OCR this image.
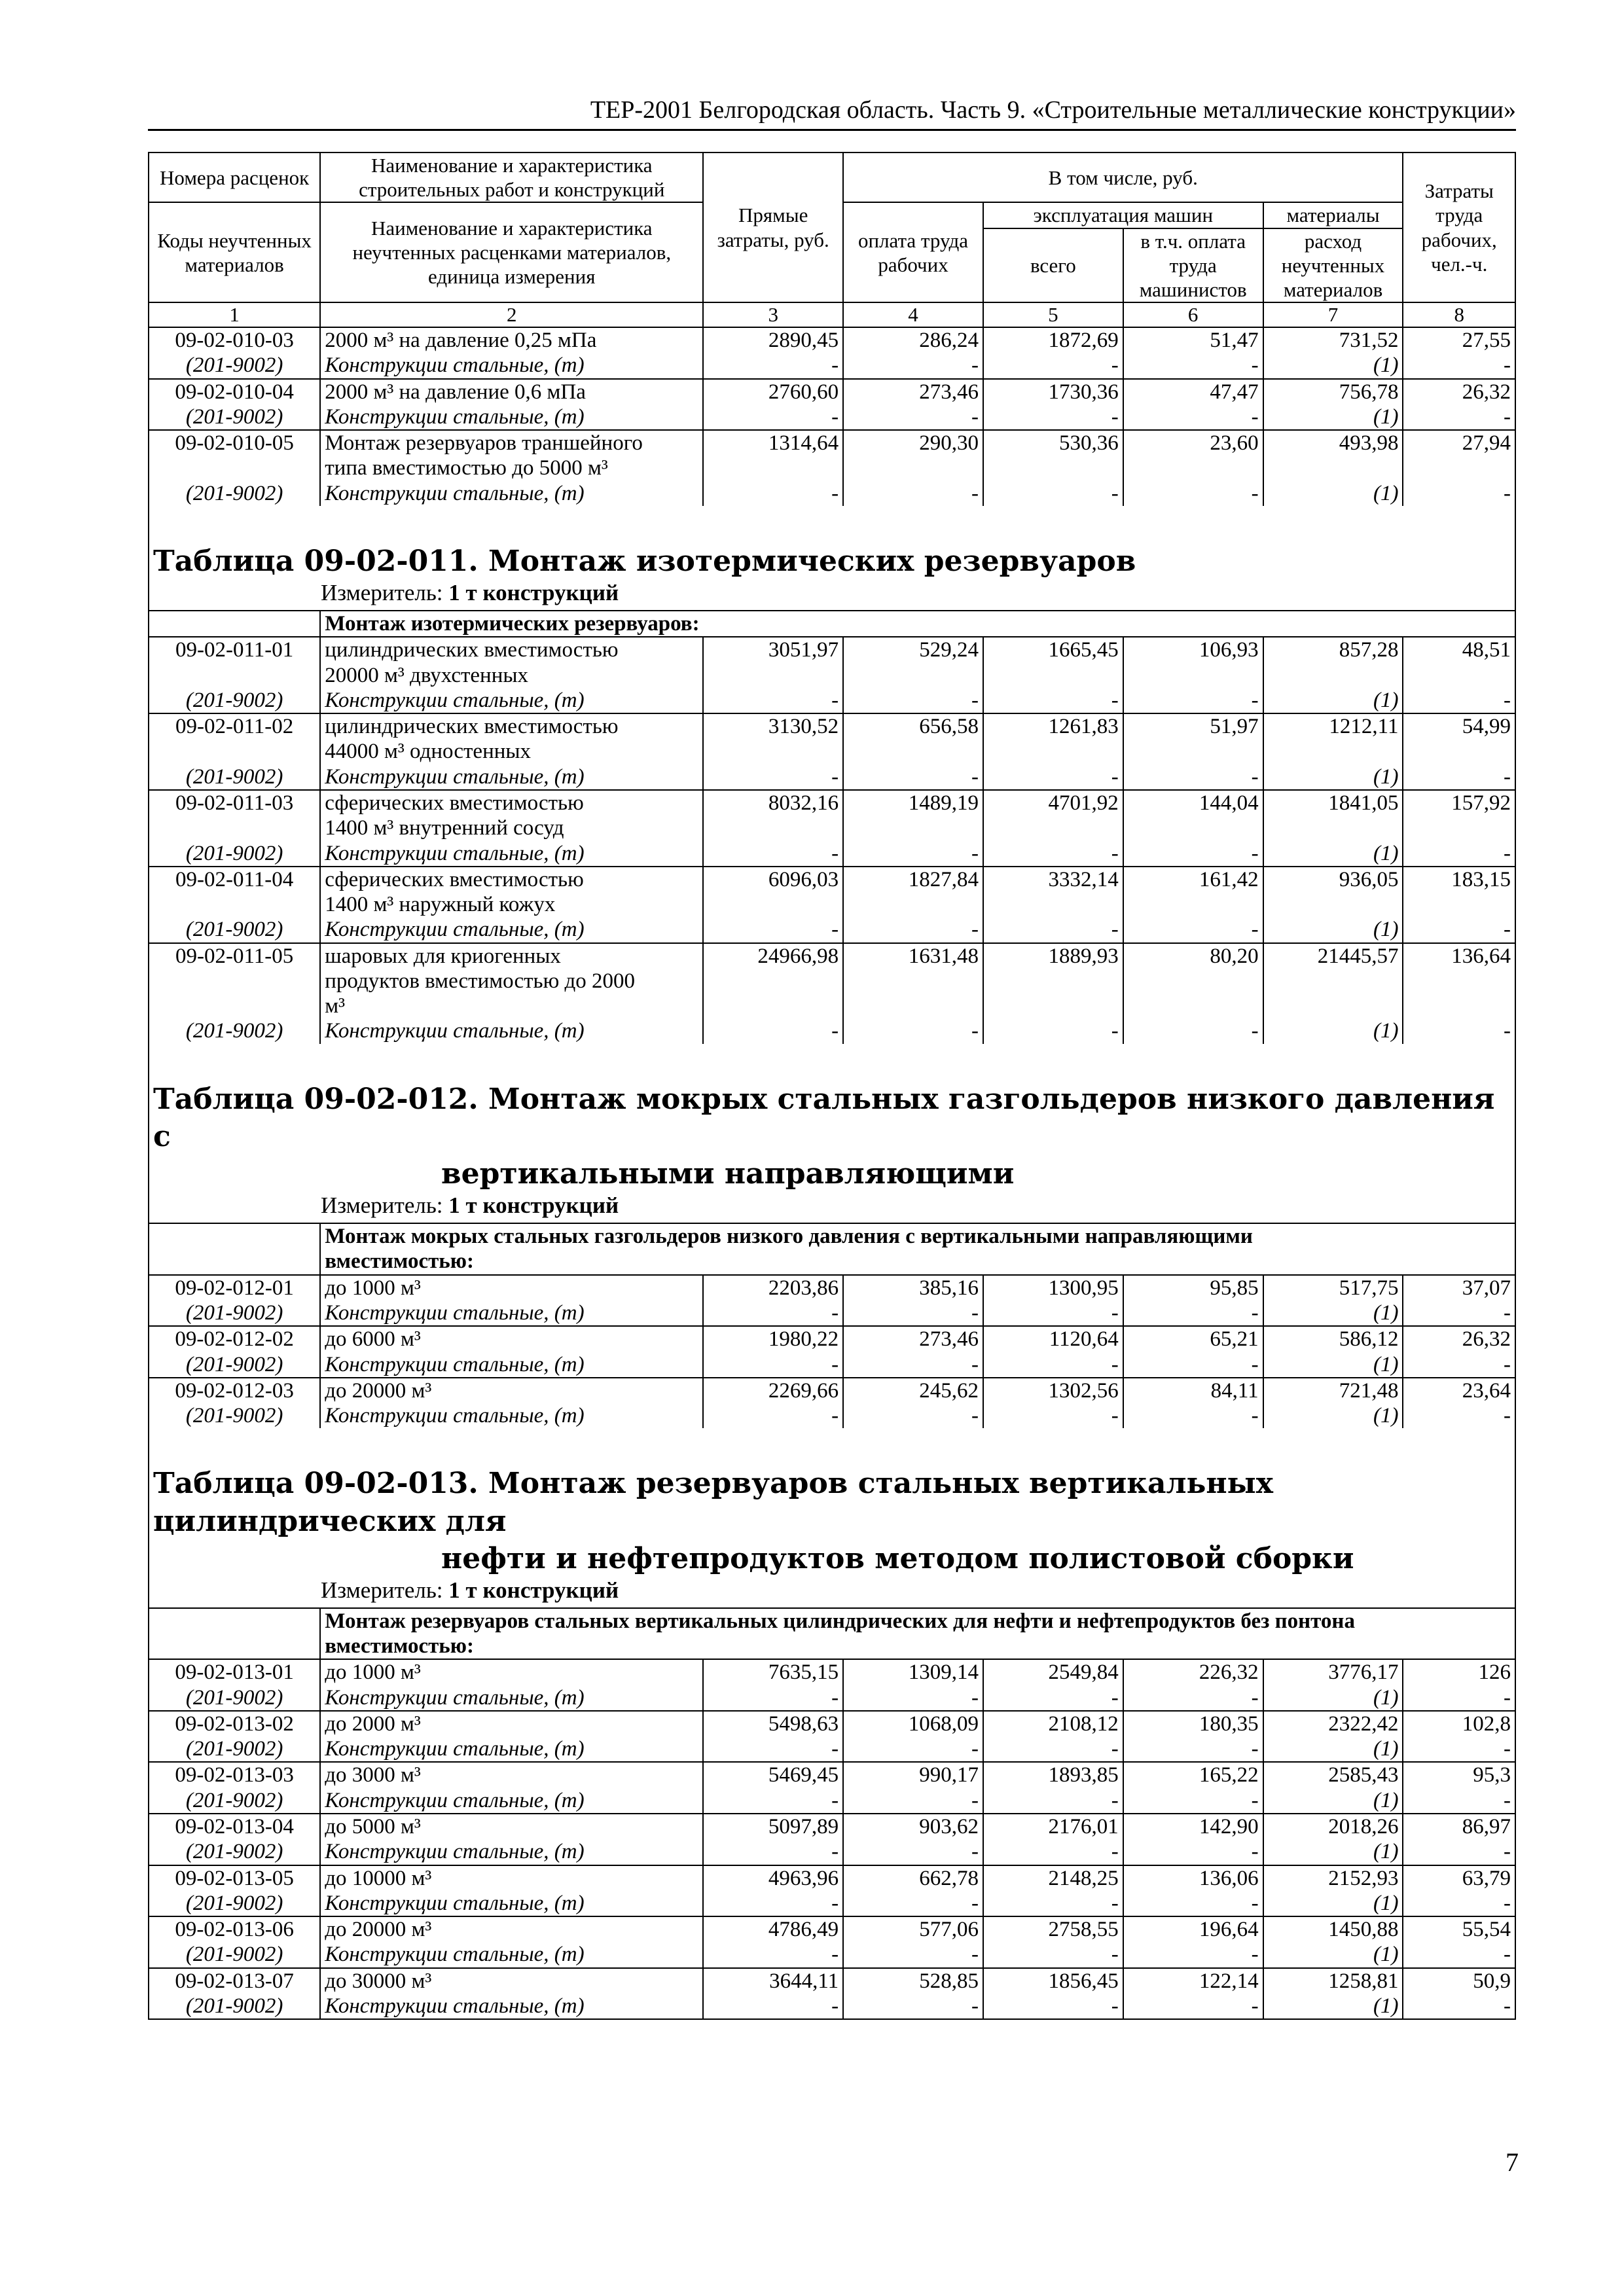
ТЕР-2001 Белгородская область. Часть 9. «Строительные металлические конструкции»
Номера расценок	Наименование и характеристика строительных работ и конструкций	Прямые затраты, руб.	В том числе, руб.				Затраты труда рабочих, чел.-ч.
Коды неучтенных материалов	Наименование и характеристика неучтенных расценками материалов, единица измерения		оплата труда рабочих	эксплуатация машин		материалы	
				всего	в т.ч. оплата труда машинистов	расход неучтенных материалов	
1	2	3	4	5	6	7	8
09-02-010-03	2000 м³ на давление 0,25 мПа	2890,45	286,24	1872,69	51,47	731,52	27,55
(201-9002)	Конструкции стальные, (т)	-	-	-	-	(1)	-
09-02-010-04	2000 м³ на давление 0,6 мПа	2760,60	273,46	1730,36	47,47	756,78	26,32
(201-9002)	Конструкции стальные, (т)	-	-	-	-	(1)	-
09-02-010-05	Монтаж резервуаров траншейного	1314,64	290,30	530,36	23,60	493,98	27,94
	типа вместимостью до 5000 м³						
(201-9002)	Конструкции стальные, (т)	-	-	-	-	(1)	-

Таблица 09-02-011. Монтаж изотермических резервуаров							

Измеритель: 1 т конструкций							

	Монтаж изотермических резервуаров:						

09-02-011-01	цилиндрических вместимостью	3051,97	529,24	1665,45	106,93	857,28	48,51
	20000 м³ двухстенных						
(201-9002)	Конструкции стальные, (т)	-	-	-	-	(1)	-
09-02-011-02	цилиндрических вместимостью	3130,52	656,58	1261,83	51,97	1212,11	54,99
	44000 м³ одностенных						
(201-9002)	Конструкции стальные, (т)	-	-	-	-	(1)	-
09-02-011-03	сферических вместимостью	8032,16	1489,19	4701,92	144,04	1841,05	157,92
	1400 м³ внутренний сосуд						
(201-9002)	Конструкции стальные, (т)	-	-	-	-	(1)	-
09-02-011-04	сферических вместимостью	6096,03	1827,84	3332,14	161,42	936,05	183,15
	1400 м³ наружный кожух						
(201-9002)	Конструкции стальные, (т)	-	-	-	-	(1)	-
09-02-011-05	шаровых для криогенных	24966,98	1631,48	1889,93	80,20	21445,57	136,64
	продуктов вместимостью до 2000						
	м³						
(201-9002)	Конструкции стальные, (т)	-	-	-	-	(1)	-

Таблица 09-02-012. Монтаж мокрых стальных газгольдеров низкого давления с
вертикальными направляющими							

Измеритель: 1 т конструкций							

	Монтаж мокрых стальных газгольдеров низкого давления с вертикальными направляющими
вместимостью:						

09-02-012-01	до 1000 м³	2203,86	385,16	1300,95	95,85	517,75	37,07
(201-9002)	Конструкции стальные, (т)	-	-	-	-	(1)	-
09-02-012-02	до 6000 м³	1980,22	273,46	1120,64	65,21	586,12	26,32
(201-9002)	Конструкции стальные, (т)	-	-	-	-	(1)	-
09-02-012-03	до 20000 м³	2269,66	245,62	1302,56	84,11	721,48	23,64
(201-9002)	Конструкции стальные, (т)	-	-	-	-	(1)	-

Таблица 09-02-013. Монтаж резервуаров стальных вертикальных цилиндрических для
нефти и нефтепродуктов методом полистовой сборки							

Измеритель: 1 т конструкций							

	Монтаж резервуаров стальных вертикальных цилиндрических для нефти и нефтепродуктов без понтона
вместимостью:						

09-02-013-01	до 1000 м³	7635,15	1309,14	2549,84	226,32	3776,17	126
(201-9002)	Конструкции стальные, (т)	-	-	-	-	(1)	-
09-02-013-02	до 2000 м³	5498,63	1068,09	2108,12	180,35	2322,42	102,8
(201-9002)	Конструкции стальные, (т)	-	-	-	-	(1)	-
09-02-013-03	до 3000 м³	5469,45	990,17	1893,85	165,22	2585,43	95,3
(201-9002)	Конструкции стальные, (т)	-	-	-	-	(1)	-
09-02-013-04	до 5000 м³	5097,89	903,62	2176,01	142,90	2018,26	86,97
(201-9002)	Конструкции стальные, (т)	-	-	-	-	(1)	-
09-02-013-05	до 10000 м³	4963,96	662,78	2148,25	136,06	2152,93	63,79
(201-9002)	Конструкции стальные, (т)	-	-	-	-	(1)	-
09-02-013-06	до 20000 м³	4786,49	577,06	2758,55	196,64	1450,88	55,54
(201-9002)	Конструкции стальные, (т)	-	-	-	-	(1)	-
09-02-013-07	до 30000 м³	3644,11	528,85	1856,45	122,14	1258,81	50,9
(201-9002)	Конструкции стальные, (т)	-	-	-	-	(1)	-
7
